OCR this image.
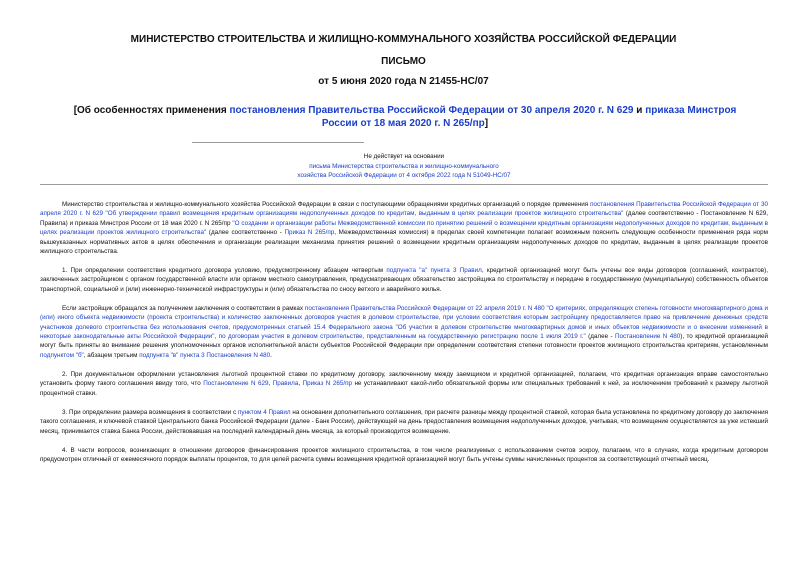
МИНИСТЕРСТВО СТРОИТЕЛЬСТВА И ЖИЛИЩНО-КОММУНАЛЬНОГО ХОЗЯЙСТВА РОССИЙСКОЙ ФЕДЕРАЦИИ
ПИСЬМО
от 5 июня 2020 года N 21455-НС/07
[Об особенностях применения постановления Правительства Российской Федерации от 30 апреля 2020 г. N 629 и приказа Минстроя России от 18 мая 2020 г. N 265/пр]
Не действует на основании
письма Министерства строительства и жилищно-коммунального
хозяйства Российской Федерации от 4 октября 2022 года N 51049-НС/07

Министерство строительства и жилищно-коммунального хозяйства Российской Федерации в связи с поступающими обращениями кредитных организаций о порядке применения постановления Правительства Российской Федерации от 30 апреля 2020 г. N 629 "Об утверждении правил возмещения кредитным организациям недополученных доходов по кредитам, выданным в целях реализации проектов жилищного строительства" (далее соответственно - Постановление N 629, Правила) и приказа Минстроя России от 18 мая 2020 г. N 265/пр "О создании и организации работы Межведомственной комиссии по принятию решений о возмещении кредитным организациям недополученных доходов по кредитам, выданным в целях реализации проектов жилищного строительства" (далее соответственно - Приказ N 265/пр, Межведомственная комиссия) в пределах своей компетенции полагает возможным пояснить следующие особенности применения ряда норм вышеуказанных нормативных актов в целях обеспечения и организации реализации механизма принятия решений о возмещении кредитным организациям недополученных доходов по кредитам, выданным в целях реализации проектов жилищного строительства.

1. При определении соответствия кредитного договора условию, предусмотренному абзацем четвертым подпункта "а" пункта 3 Правил, кредитной организацией могут быть учтены все виды договоров (соглашений, контрактов), заключенных застройщиком с органом государственной власти или органом местного самоуправления, предусматривающих обязательство застройщика по строительству и передаче в государственную (муниципальную) собственность объектов транспортной, социальной и (или) инженерно-технической инфраструктуры и (или) обязательства по сносу ветхого и аварийного жилья.

Если застройщик обращался за получением заключения о соответствии в рамках постановления Правительства Российской Федерации от 22 апреля 2019 г. N 480 "О критериях, определяющих степень готовности многоквартирного дома и (или) иного объекта недвижимости (проекта строительства) и количество заключенных договоров участия в долевом строительстве, при условии соответствия которым застройщику предоставляется право на привлечение денежных средств участников долевого строительства без использования счетов, предусмотренных статьей 15.4 Федерального закона "Об участии в долевом строительстве многоквартирных домов и иных объектов недвижимости и о внесении изменений в некоторые законодательные акты Российской Федерации", по договорам участия в долевом строительстве, представленным на государственную регистрацию после 1 июля 2019 г." (далее - Постановление N 480), то кредитной организацией могут быть приняты во внимание решения уполномоченных органов исполнительной власти субъектов Российской Федерации при определении соответствия степени готовности проектов жилищного строительства критериям, установленным подпунктом "б", абзацем третьим подпункта "в" пункта 3 Постановления N 480.

2. При документальном оформлении установления льготной процентной ставки по кредитному договору, заключенному между заемщиком и кредитной организацией, полагаем, что кредитная организация вправе самостоятельно установить форму такого соглашения ввиду того, что Постановление N 629, Правила, Приказ N 265/пр не устанавливают какой-либо обязательной формы или специальных требований к ней, за исключением требований к размеру льготной процентной ставки.

3. При определении размера возмещения в соответствии с пунктом 4 Правил на основании дополнительного соглашения, при расчете разницы между процентной ставкой, которая была установлена по кредитному договору до заключения такого соглашения, и ключевой ставкой Центрального банка Российской Федерации (далее - Банк России), действующей на день предоставления возмещения недополученных доходов, учитывая, что возмещение осуществляется за уже истекший месяц, принимается ставка Банка России, действовавшая на последний календарный день месяца, за который производится возмещение.

4. В части вопросов, возникающих в отношении договоров финансирования проектов жилищного строительства, в том числе реализуемых с использованием счетов эскроу, полагаем, что в случаях, когда кредитным договором предусмотрен отличный от ежемесячного порядок выплаты процентов, то для целей расчета суммы возмещения кредитной организацией могут быть учтены суммы начисленных процентов за соответствующий отчетный месяц.
